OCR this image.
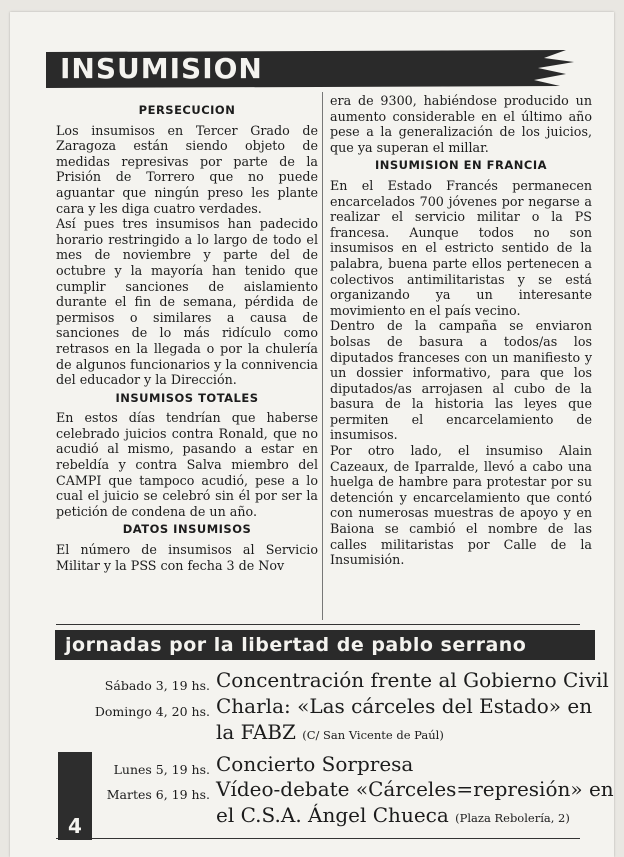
INSUMISION
PERSECUCION

Los insumisos en Tercer Grado de Zaragoza están siendo objeto de medidas represivas por parte de la Prisión de Torrero que no puede aguantar que ningún preso les plante cara y les diga cuatro verdades.

Así pues tres insumisos han padecido horario restringido a lo largo de todo el mes de noviembre y parte del de octubre y la mayoría han tenido que cumplir sanciones de aislamiento durante el fin de semana, pérdida de permisos o similares a causa de sanciones de lo más ridículo como retrasos en la llegada o por la chulería de algunos funcionarios y la connivencia del educador y la Dirección.

INSUMISOS TOTALES

En estos días tendrían que haberse celebrado juicios contra Ronald, que no acudió al mismo, pasando a estar en rebeldía y contra Salva miembro del CAMPI que tampoco acudió, pese a lo cual el juicio se celebró sin él por ser la petición de condena de un año.

DATOS INSUMISOS

El número de insumisos al Servicio Militar y la PSS con fecha 3 de Nov

era de 9300, habiéndose producido un aumento considerable en el último año pese a la generalización de los juicios, que ya superan el millar.

INSUMISION EN FRANCIA

En el Estado Francés permanecen encarcelados 700 jóvenes por negarse a realizar el servicio militar o la PS francesa. Aunque todos no son insumisos en el estricto sentido de la palabra, buena parte ellos pertenecen a colectivos antimilitaristas y se está organizando ya un interesante movimiento en el país vecino.

Dentro de la campaña se enviaron bolsas de basura a todos/as los diputados franceses con un manifiesto y un dossier informativo, para que los diputados/as arrojasen al cubo de la basura de la historia las leyes que permiten el encarcelamiento de insumisos.

Por otro lado, el insumiso Alain Cazeaux, de Iparralde, llevó a cabo una huelga de hambre para protestar por su detención y encarcelamiento que contó con numerosas muestras de apoyo y en Baiona se cambió el nombre de las calles militaristas por Calle de la Insumisión.

jornadas por la libertad de pablo serrano
Sábado 3, 19 hs. Concentración frente al Gobierno Civil
Domingo 4, 20 hs. Charla: «Las cárceles del Estado» en
la FABZ (C/ San Vicente de Paúl)
Lunes 5, 19 hs. Concierto Sorpresa
Martes 6, 19 hs. Vídeo-debate «Cárceles=represión» en
el C.S.A. Ángel Chueca (Plaza Rebolería, 2)
4
